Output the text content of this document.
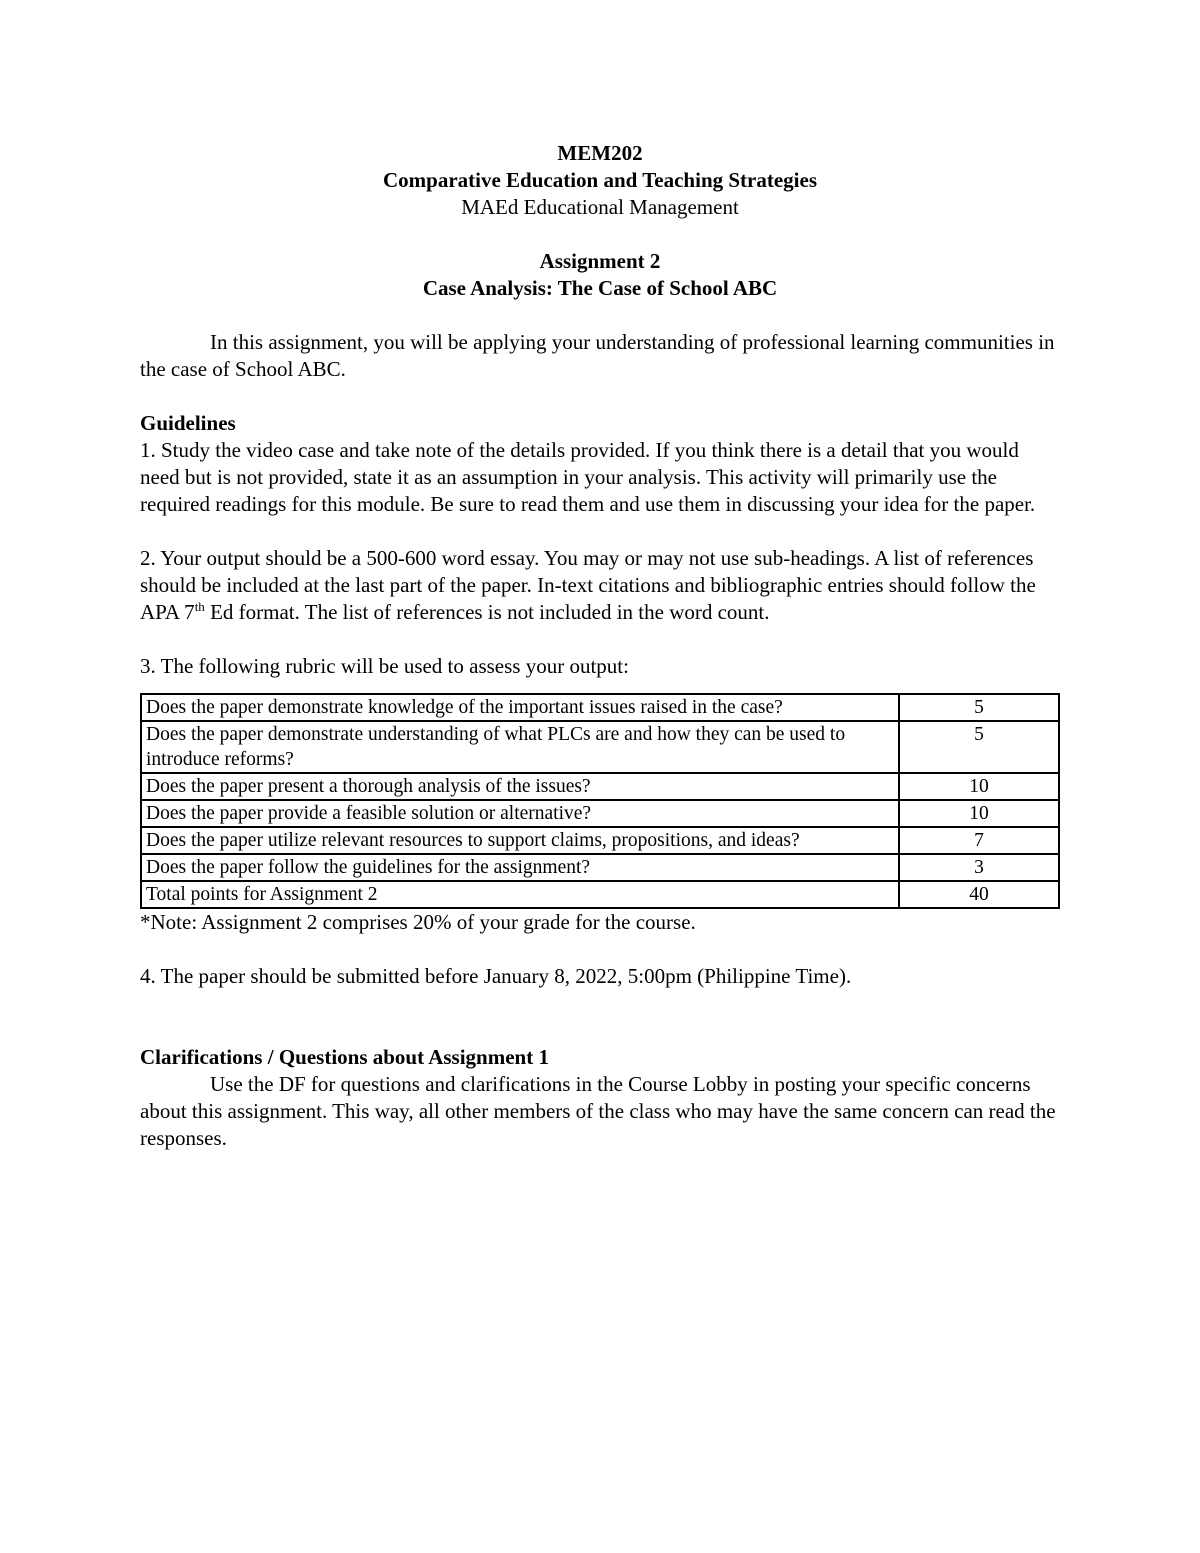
MEM202
Comparative Education and Teaching Strategies
MAEd Educational Management
Assignment 2
Case Analysis: The Case of School ABC

In this assignment, you will be applying your understanding of professional learning communities in the case of School ABC.

Guidelines

1. Study the video case and take note of the details provided. If you think there is a detail that you would need but is not provided, state it as an assumption in your analysis. This activity will primarily use the required readings for this module. Be sure to read them and use them in discussing your idea for the paper.

2. Your output should be a 500-600 word essay. You may or may not use sub-headings. A list of references should be included at the last part of the paper. In-text citations and bibliographic entries should follow the APA 7th Ed format. The list of references is not included in the word count.

3. The following rubric will be used to assess your output:

Does the paper demonstrate knowledge of the important issues raised in the case?	5
Does the paper demonstrate understanding of what PLCs are and how they can be used to introduce reforms?	5
Does the paper present a thorough analysis of the issues?	10
Does the paper provide a feasible solution or alternative?	10
Does the paper utilize relevant resources to support claims, propositions, and ideas?	7
Does the paper follow the guidelines for the assignment?	3
Total points for Assignment 2	40

*Note: Assignment 2 comprises 20% of your grade for the course.

4. The paper should be submitted before January 8, 2022, 5:00pm (Philippine Time).

Clarifications / Questions about Assignment 1

Use the DF for questions and clarifications in the Course Lobby in posting your specific concerns about this assignment. This way, all other members of the class who may have the same concern can read the responses.
